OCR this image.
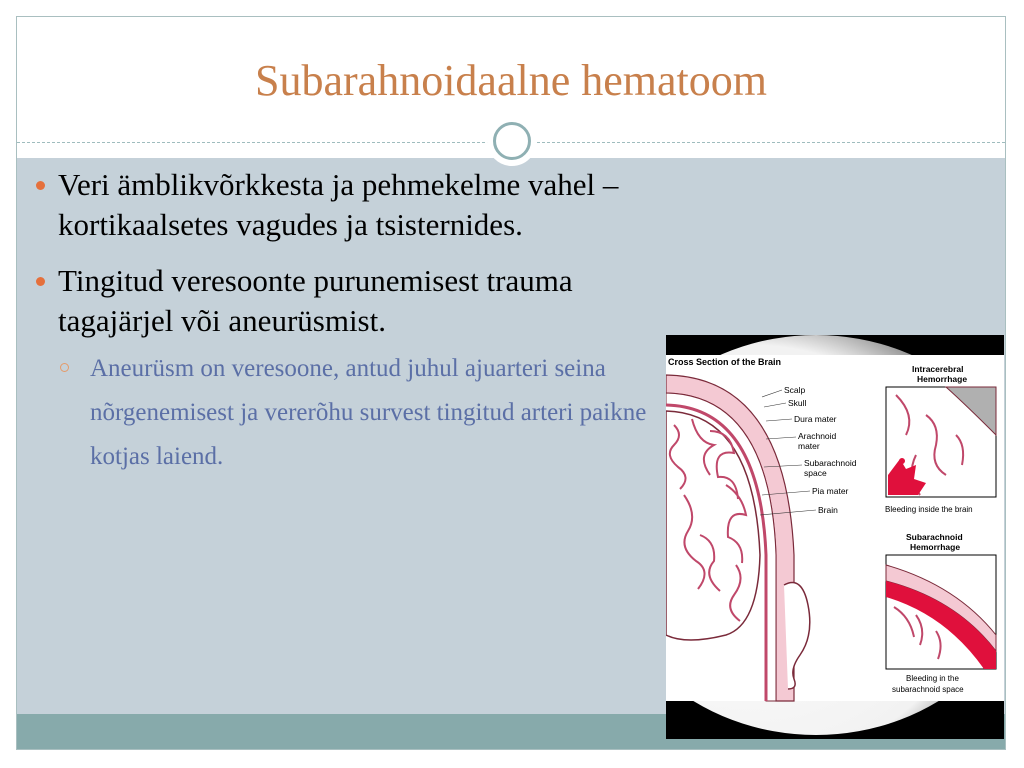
Subarahnoidaalne hematoom
Veri ämblikvõrkkesta ja pehmekelme vahel – kortikaalsetes vagudes ja tsisternides.
Tingitud veresoonte purunemisest trauma tagajärjel või aneurüsmist.
Aneurüsm on veresoone, antud juhul ajuarteri seina nõrgenemisest ja vererõhu survest tingitud arteri paikne kotjas laiend.
Cross Section of the Brain
Scalp
Skull
Dura mater
Arachnoid
mater
Subarachnoid
space
Pia mater
Brain
Intracerebral
Hemorrhage
Bleeding inside the brain
Subarachnoid
Hemorrhage
Bleeding in the
subarachnoid space
